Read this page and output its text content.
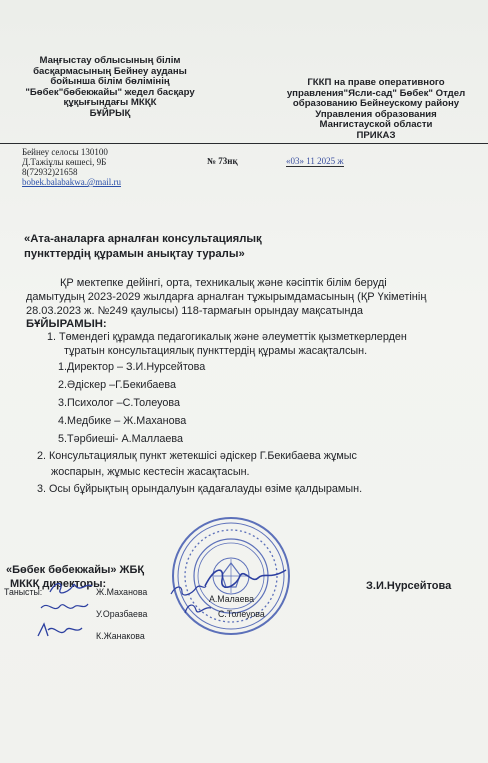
Маңғыстау облысының білім
басқармасының Бейнеу ауданы
бойынша білім бөлімінің
"Бөбек"бөбекжайы" жедел басқару
құқығындағы МКҚК
БҰЙРЫҚ
ГККП на праве оперативного
управления"Ясли-сад" Бөбек" Отдел
образованию Бейнеускому району
Управления образования
Мангистауской области
ПРИКАЗ
Бейнеу селосы 130100
Д.Тажіұлы көшесі, 9Б
8(72932)21658
bobek.balabakwa.@mail.ru
№ 73нқ	«03» 11 2025 ж
«Ата-аналарға арналған консультациялық
пункттердің құрамын анықтау туралы»
ҚР мектепке дейінгі, орта, техникалық және кәсіптік білім беруді
дамытудың 2023-2029 жылдарға арналған тұжырымдамасының (ҚР Үкіметінің
28.03.2023 ж. №249 қаулысы) 118-тармағын орындау мақсатында
БҰЙЫРАМЫН:
1. Төмендегі құрамда педагогикалық және әлеуметтік қызметкерлерден
тұратын консультациялық пункттердің құрамы жасақталсын.
1.Директор – З.И.Нурсейтова
2.Әдіскер –Г.Бекибаева
3.Психолог –С.Толеуова
4.Медбике – Ж.Маханова
5.Тәрбиеші- А.Маллаева
2. Консультациялық пункт жетекшісі әдіскер Г.Бекибаева жұмыс
жоспарын, жұмыс кестесін жасақтасын.
3. Осы бұйрықтың орындалуын қадағалауды өзіме қалдырамын.
«Бөбек бөбекжайы» ЖБҚ
МККҚ директоры:	З.И.Нурсейтова
Танысты:	Ж.Маханова
А.Малаева
У.Оразбаева	С.Толеуова
К.Жанакова
